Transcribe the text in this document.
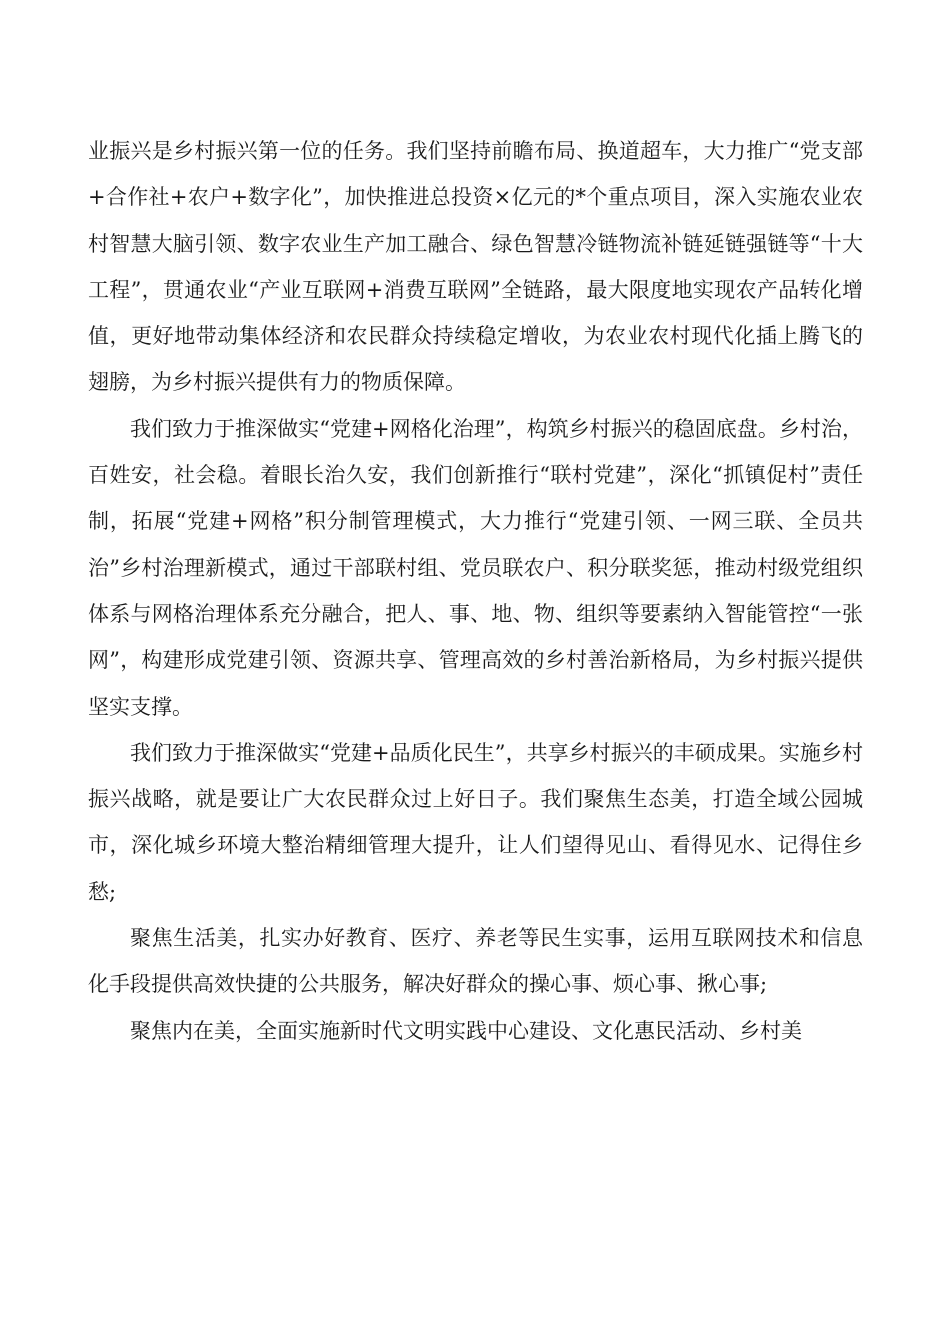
业振兴是乡村振兴第一位的任务。我们坚持前瞻布局、换道超车，大力推广“党支部+合作社+农户+数字化”，加快推进总投资×亿元的*个重点项目，深入实施农业农村智慧大脑引领、数字农业生产加工融合、绿色智慧冷链物流补链延链强链等“十大工程”，贯通农业“产业互联网+消费互联网”全链路，最大限度地实现农产品转化增值，更好地带动集体经济和农民群众持续稳定增收，为农业农村现代化插上腾飞的翅膀，为乡村振兴提供有力的物质保障。

我们致力于推深做实“党建+网格化治理”，构筑乡村振兴的稳固底盘。乡村治，百姓安，社会稳。着眼长治久安，我们创新推行“联村党建”，深化“抓镇促村”责任制，拓展“党建+网格”积分制管理模式，大力推行“党建引领、一网三联、全员共治”乡村治理新模式，通过干部联村组、党员联农户、积分联奖惩，推动村级党组织体系与网格治理体系充分融合，把人、事、地、物、组织等要素纳入智能管控“一张网”，构建形成党建引领、资源共享、管理高效的乡村善治新格局，为乡村振兴提供坚实支撑。

我们致力于推深做实“党建+品质化民生”，共享乡村振兴的丰硕成果。实施乡村振兴战略，就是要让广大农民群众过上好日子。我们聚焦生态美，打造全域公园城市，深化城乡环境大整治精细管理大提升，让人们望得见山、看得见水、记得住乡愁;

聚焦生活美，扎实办好教育、医疗、养老等民生实事，运用互联网技术和信息化手段提供高效快捷的公共服务，解决好群众的操心事、烦心事、揪心事;

聚焦内在美，全面实施新时代文明实践中心建设、文化惠民活动、乡村美
